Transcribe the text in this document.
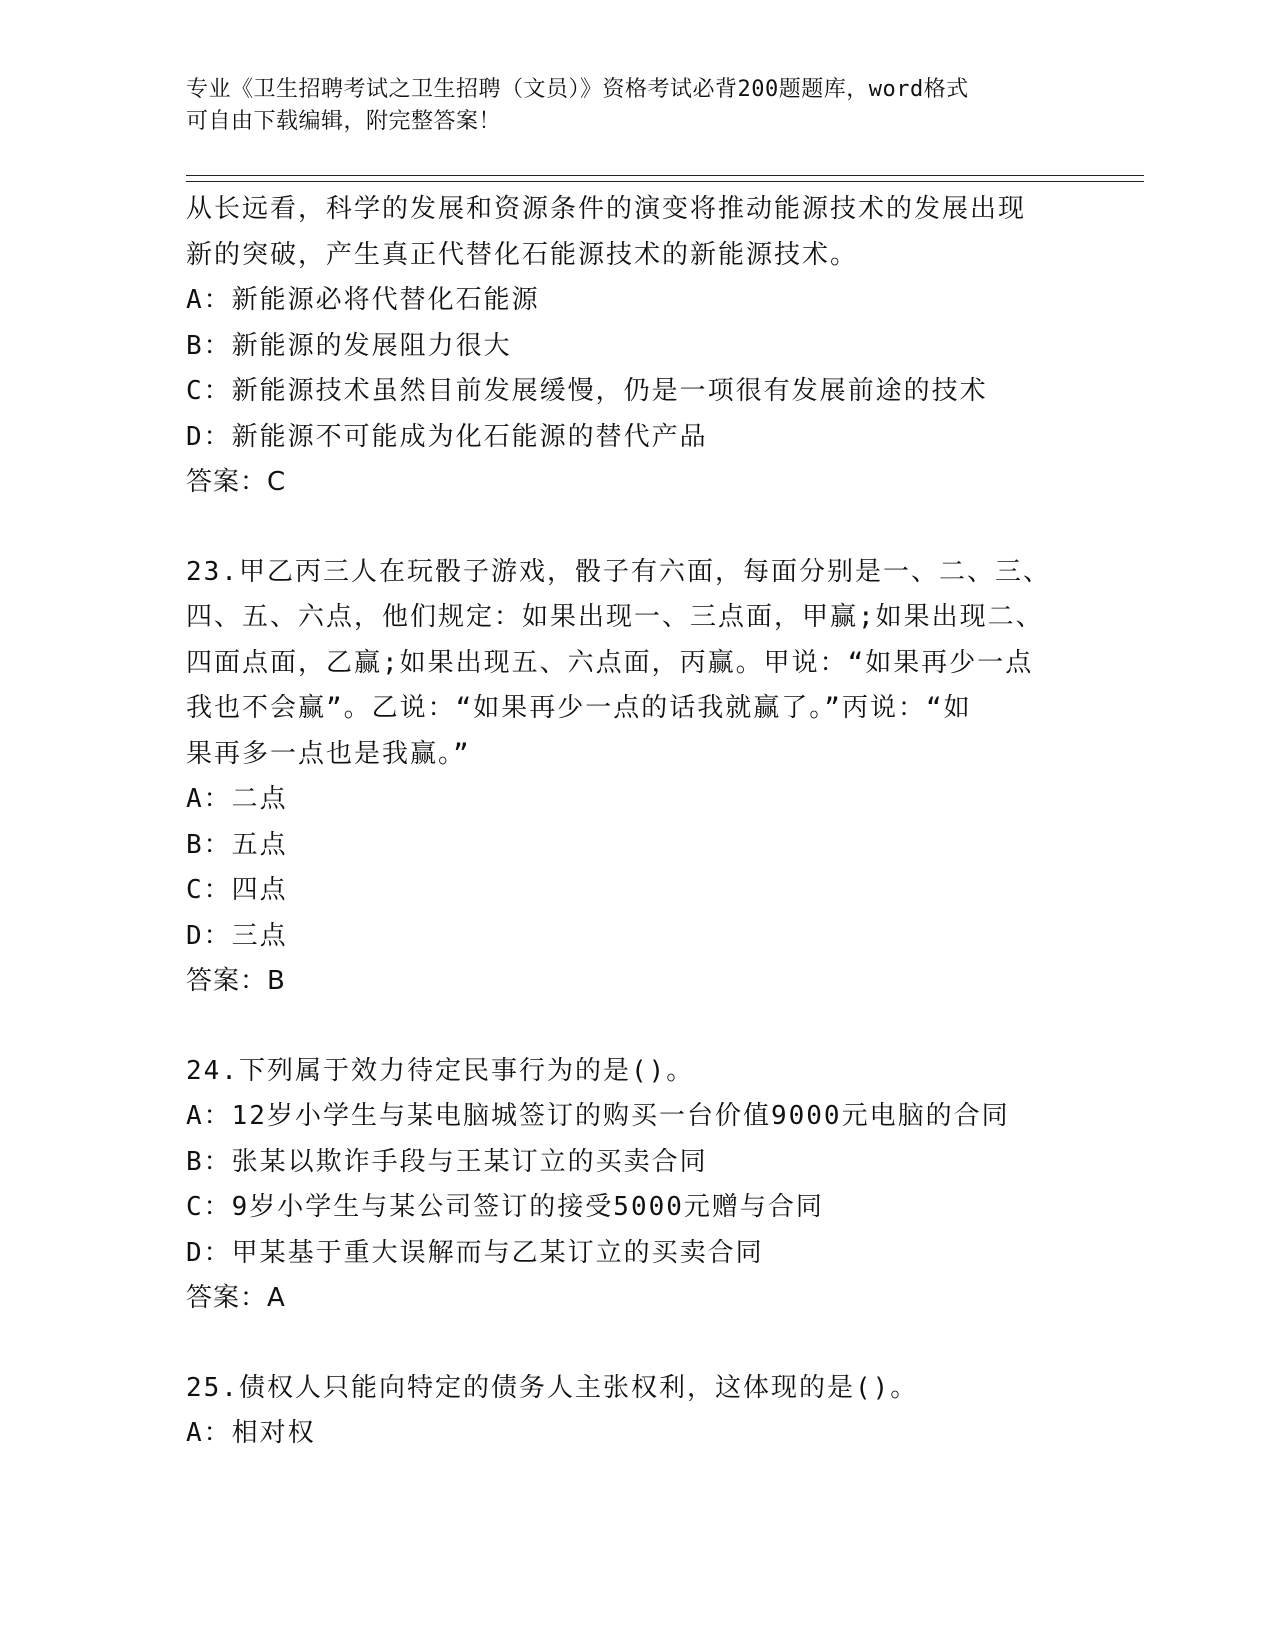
专业《卫生招聘考试之卫生招聘（文员）》资格考试必背200题题库，word格式
可自由下载编辑，附完整答案！
从长远看，科学的发展和资源条件的演变将推动能源技术的发展出现
新的突破，产生真正代替化石能源技术的新能源技术。
A：新能源必将代替化石能源
B：新能源的发展阻力很大
C：新能源技术虽然目前发展缓慢，仍是一项很有发展前途的技术
D：新能源不可能成为化石能源的替代产品
答案：C
23.甲乙丙三人在玩骰子游戏，骰子有六面，每面分别是一、二、三、
四、五、六点，他们规定：如果出现一、三点面，甲赢;如果出现二、
四面点面，乙赢;如果出现五、六点面，丙赢。甲说：“如果再少一点
我也不会赢”。乙说：“如果再少一点的话我就赢了。”丙说：“如
果再多一点也是我赢。”
A：二点
B：五点
C：四点
D：三点
答案：B
24.下列属于效力待定民事行为的是()。
A：12岁小学生与某电脑城签订的购买一台价值9000元电脑的合同
B：张某以欺诈手段与王某订立的买卖合同
C：9岁小学生与某公司签订的接受5000元赠与合同
D：甲某基于重大误解而与乙某订立的买卖合同
答案：A
25.债权人只能向特定的债务人主张权利，这体现的是()。
A：相对权
